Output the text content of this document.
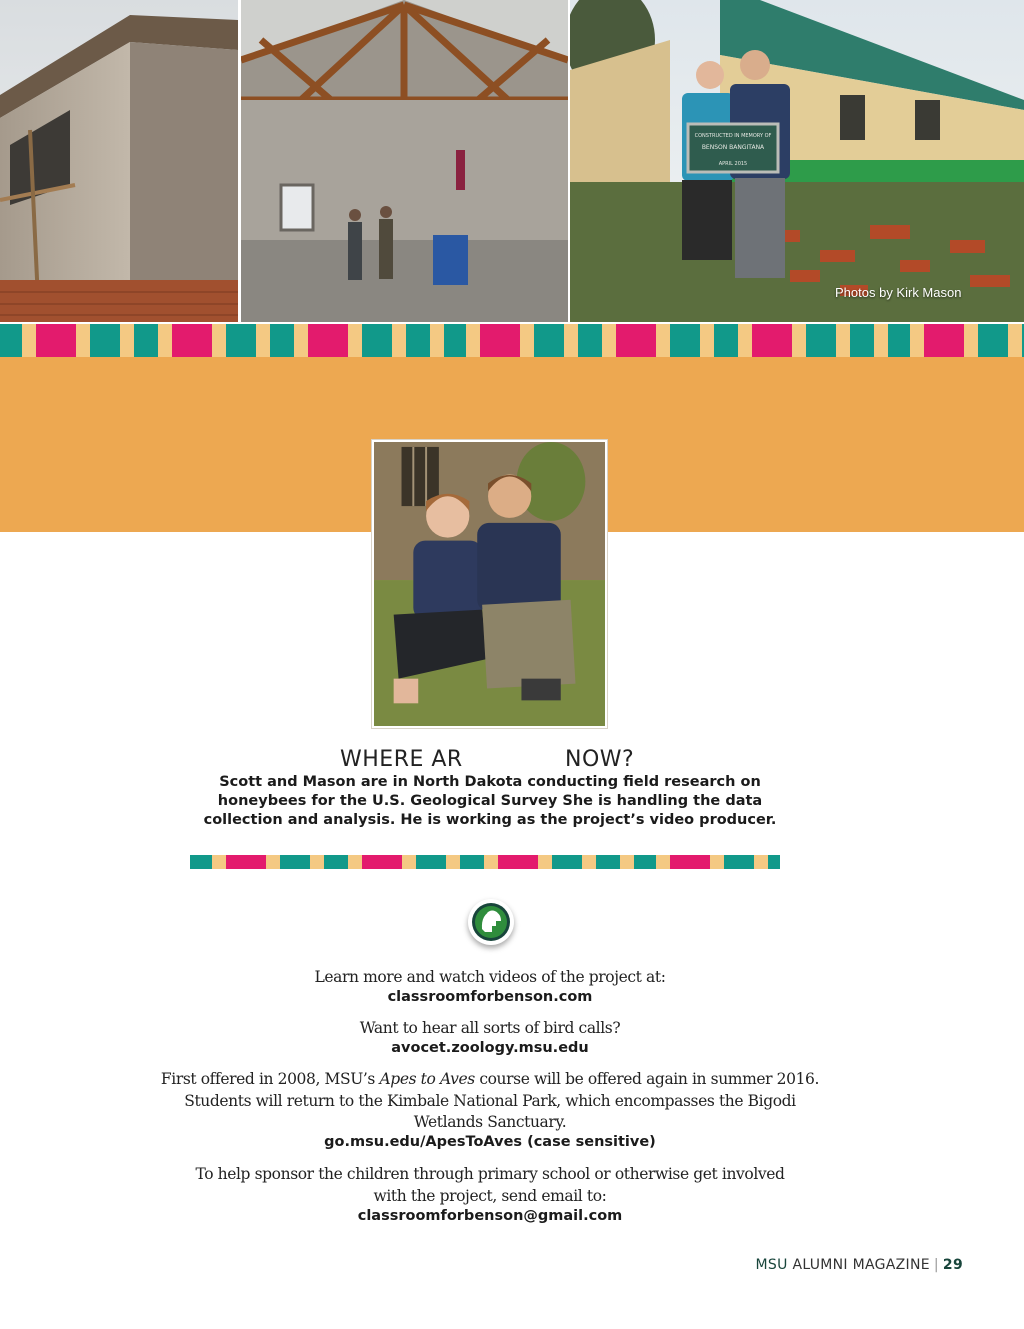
CONSTRUCTED IN MEMORY OF
BENSON BANGITANA
APRIL 2015
Photos by Kirk Mason
WHERE AR	NOW?
Scott and Mason are in North Dakota conducting field research on
honeybees for the U.S. Geological Survey She is handling the data
collection and analysis. He is working as the project’s video producer.
Learn more and watch videos of the project at:
classroomforbenson.com
Want to hear all sorts of bird calls?
avocet.zoology.msu.edu
First offered in 2008, MSU’s Apes to Aves course will be offered again in summer 2016.
Students will return to the Kimbale National Park, which encompasses the Bigodi
Wetlands Sanctuary.
go.msu.edu/ApesToAves (case sensitive)
To help sponsor the children through primary school or otherwise get involved
with the project, send email to:
classroomforbenson@gmail.com
MSU ALUMNI MAGAZINE | 29
